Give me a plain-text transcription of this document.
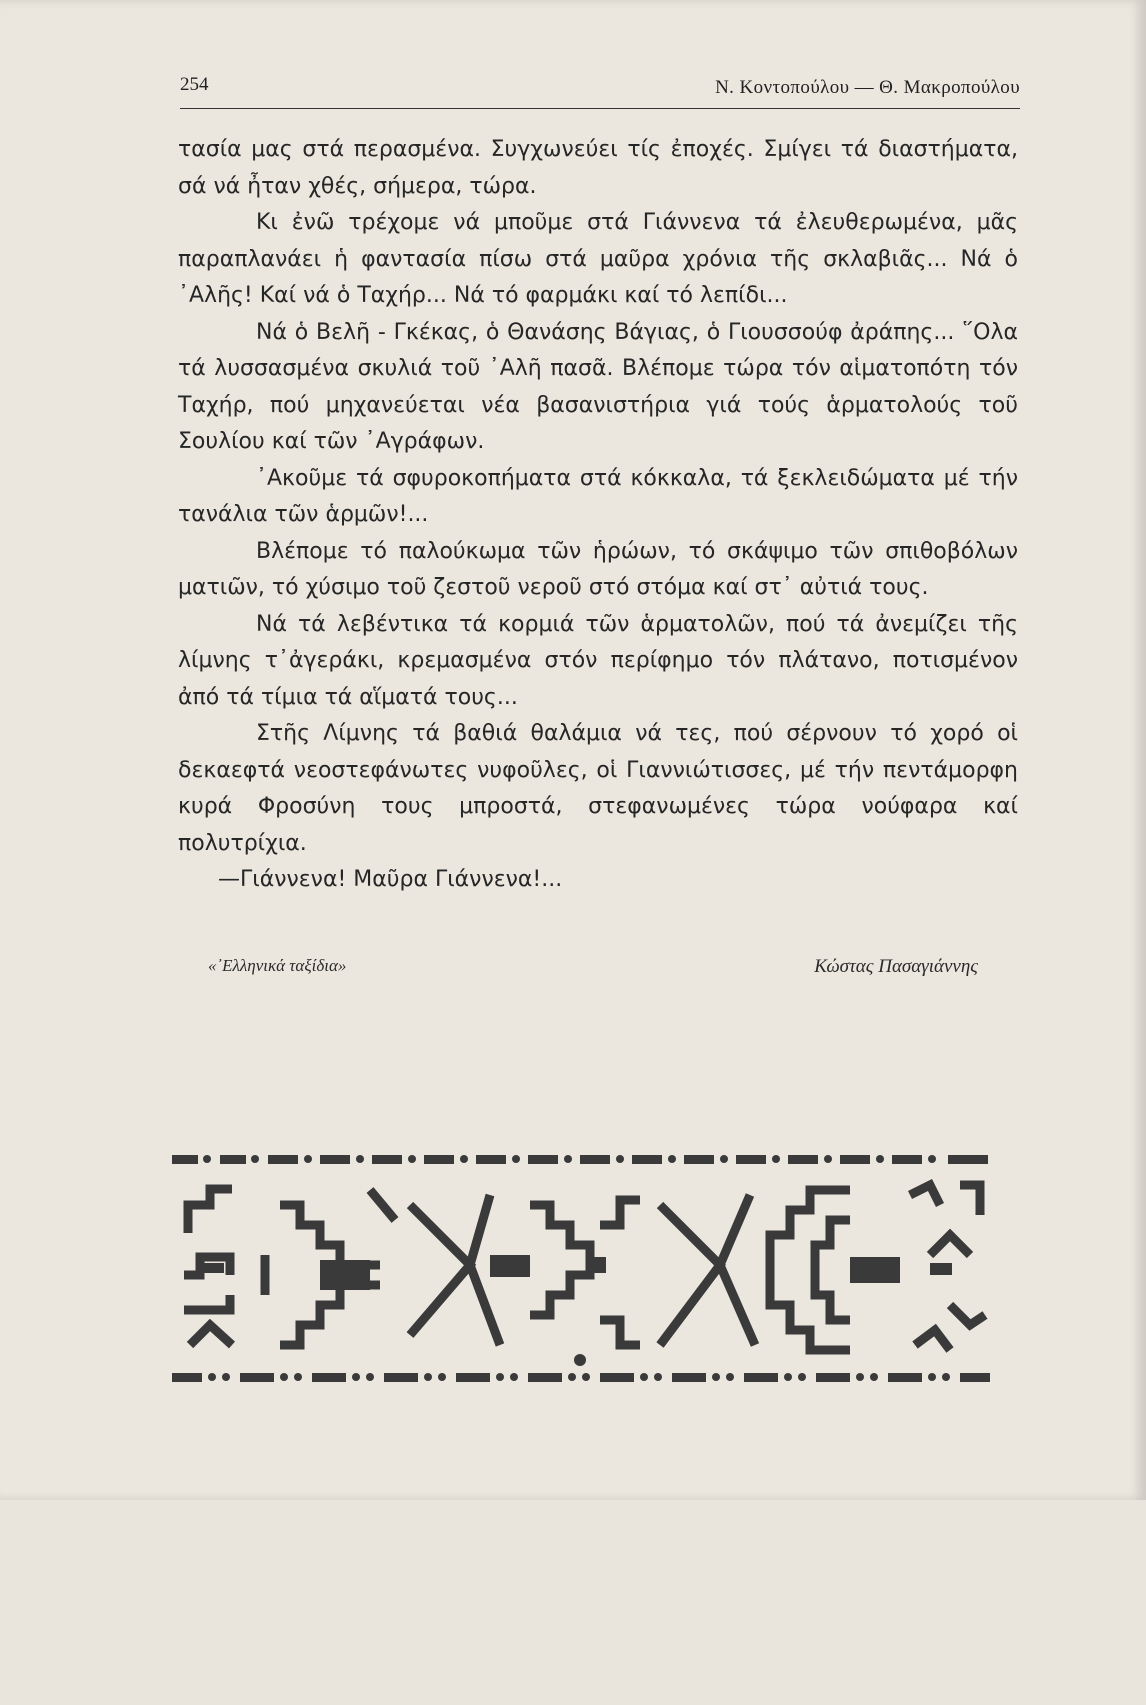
254	Ν. Κοντοπούλου — Θ. Μακροπούλου

τασία μας στά περασμένα. Συγχωνεύει τίς ἐποχές. Σμίγει τά διαστήματα, σά νά ἦταν χθές, σήμερα, τώρα.

Κι ἐνῶ τρέχομε νά μποῦμε στά Γιάννενα τά ἐλευθερωμένα, μᾶς παραπλανάει ἡ φαντασία πίσω στά μαῦρα χρόνια τῆς σκλαβιᾶς... Νά ὁ ᾽Αλῆς! Καί νά ὁ Ταχήρ... Νά τό φαρμάκι καί τό λεπίδι...

Νά ὁ Βελῆ - Γκέκας, ὁ Θανάσης Βάγιας, ὁ Γιουσσούφ ἀράπης... ῞Ολα τά λυσσασμένα σκυλιά τοῦ ᾽Αλῆ πασᾶ. Βλέπομε τώρα τόν αἱματοπότη τόν Ταχήρ, πού μηχανεύεται νέα βασανιστήρια γιά τούς ἁρματολούς τοῦ Σουλίου καί τῶν ᾽Αγράφων.

᾽Ακοῦμε τά σφυροκοπήματα στά κόκκαλα, τά ξεκλειδώματα μέ τήν τανάλια τῶν ἁρμῶν!...

Βλέπομε τό παλούκωμα τῶν ἡρώων, τό σκάψιμο τῶν σπιθοβόλων ματιῶν, τό χύσιμο τοῦ ζεστοῦ νεροῦ στό στόμα καί στ᾽ αὐτιά τους.

Νά τά λεβέντικα τά κορμιά τῶν ἁρματολῶν, πού τά ἀνεμίζει τῆς λίμνης τ᾽ἀγεράκι, κρεμασμένα στόν περίφημο τόν πλάτανο, ποτισμένον ἀπό τά τίμια τά αἵματά τους...

Στῆς Λίμνης τά βαθιά θαλάμια νά τες, πού σέρνουν τό χορό οἱ δεκαεφτά νεοστεφάνωτες νυφοῦλες, οἱ Γιαννιώτισσες, μέ τήν πεντάμορφη κυρά Φροσύνη τους μπροστά, στεφανωμένες τώρα νούφαρα καί πολυτρίχια.

—Γιάννενα! Μαῦρα Γιάννενα!...

«᾿Ελληνικά ταξίδια»	Κώστας Πασαγιάννης
